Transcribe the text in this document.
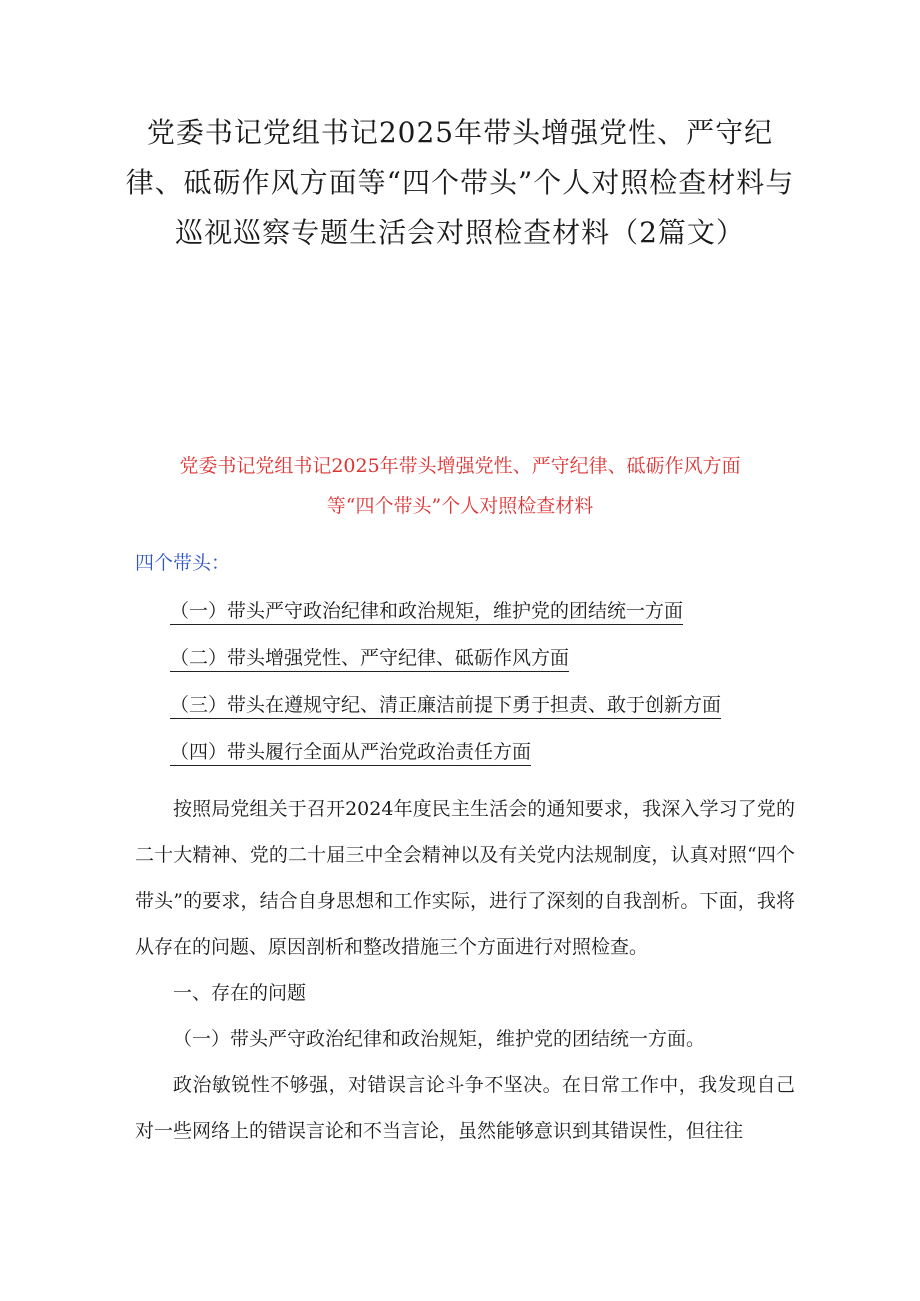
党委书记党组书记2025年带头增强党性、严守纪律、砥砺作风方面等“四个带头”个人对照检查材料与巡视巡察专题生活会对照检查材料（2篇文）
党委书记党组书记2025年带头增强党性、严守纪律、砥砺作风方面
等“四个带头”个人对照检查材料

四个带头：

（一）带头严守政治纪律和政治规矩，维护党的团结统一方面
（二）带头增强党性、严守纪律、砥砺作风方面
（三）带头在遵规守纪、清正廉洁前提下勇于担责、敢于创新方面
（四）带头履行全面从严治党政治责任方面

按照局党组关于召开2024年度民主生活会的通知要求，我深入学习了党的二十大精神、党的二十届三中全会精神以及有关党内法规制度，认真对照“四个带头”的要求，结合自身思想和工作实际，进行了深刻的自我剖析。下面，我将从存在的问题、原因剖析和整改措施三个方面进行对照检查。

一、存在的问题

（一）带头严守政治纪律和政治规矩，维护党的团结统一方面。

政治敏锐性不够强，对错误言论斗争不坚决。在日常工作中，我发现自己对一些网络上的错误言论和不当言论，虽然能够意识到其错误性，但往往
